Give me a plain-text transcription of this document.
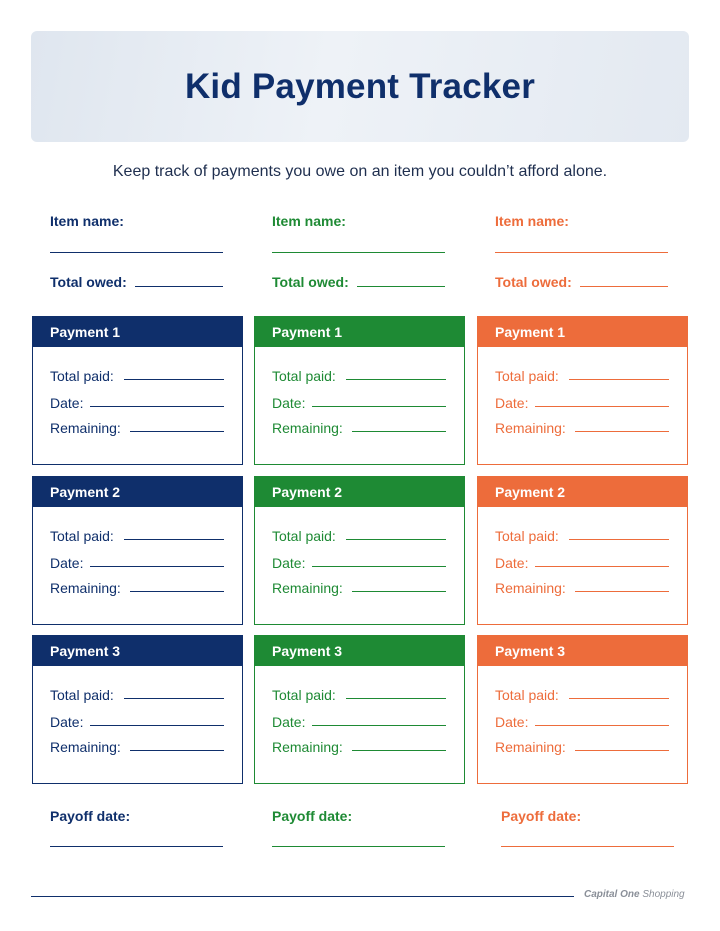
Kid Payment Tracker
Keep track of payments you owe on an item you couldn’t afford alone.
Item name:
Total owed:
Item name:
Total owed:
Item name:
Total owed:
Payment 1
Total paid:
Date:
Remaining:
Payment 1
Total paid:
Date:
Remaining:
Payment 1
Total paid:
Date:
Remaining:
Payment 2
Total paid:
Date:
Remaining:
Payment 2
Total paid:
Date:
Remaining:
Payment 2
Total paid:
Date:
Remaining:
Payment 3
Total paid:
Date:
Remaining:
Payment 3
Total paid:
Date:
Remaining:
Payment 3
Total paid:
Date:
Remaining:
Payoff date:	Payoff date:	Payoff date:
Capital One Shopping
